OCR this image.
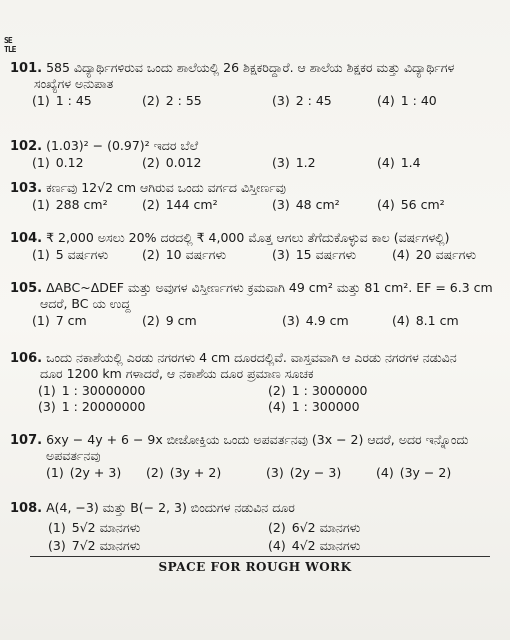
SE
TLE
101. 585 ವಿದ್ಯಾರ್ಥಿಗಳಿರುವ ಒಂದು ಶಾಲೆಯಲ್ಲಿ 26 ಶಿಕ್ಷಕರಿದ್ದಾರೆ. ಆ ಶಾಲೆಯ ಶಿಕ್ಷಕರ ಮತ್ತು ವಿದ್ಯಾರ್ಥಿಗಳ
ಸಂಖ್ಯೆಗಳ ಅನುಪಾತ
(1) 1 : 45	(2) 2 : 55	(3) 2 : 45	(4) 1 : 40
102. (1.03)² − (0.97)² ಇದರ ಬೆಲೆ
(1) 0.12	(2) 0.012	(3) 1.2	(4) 1.4
103. ಕರ್ಣವು 12√2 cm ಆಗಿರುವ ಒಂದು ವರ್ಗದ ವಿಸ್ತೀರ್ಣವು
(1) 288 cm²	(2) 144 cm²	(3) 48 cm²	(4) 56 cm²
104. ₹ 2,000 ಅಸಲು 20% ದರದಲ್ಲಿ ₹ 4,000 ಮೊತ್ತ ಆಗಲು ತೆಗೆದುಕೊಳ್ಳುವ ಕಾಲ (ವರ್ಷಗಳಲ್ಲಿ)
(1) 5 ವರ್ಷಗಳು	(2) 10 ವರ್ಷಗಳು	(3) 15 ವರ್ಷಗಳು	(4) 20 ವರ್ಷಗಳು
105. ΔABC~ΔDEF ಮತ್ತು ಅವುಗಳ ವಿಸ್ತೀರ್ಣಗಳು ಕ್ರಮವಾಗಿ 49 cm² ಮತ್ತು 81 cm². EF = 6.3 cm
ಆದರೆ, BC ಯ ಉದ್ದ
(1) 7 cm	(2) 9 cm	(3) 4.9 cm	(4) 8.1 cm
106. ಒಂದು ನಕಾಶೆಯಲ್ಲಿ ಎರಡು ನಗರಗಳು 4 cm ದೂರದಲ್ಲಿವೆ. ವಾಸ್ತವವಾಗಿ ಆ ಎರಡು ನಗರಗಳ ನಡುವಿನ
ದೂರ 1200 km ಗಳಾದರೆ, ಆ ನಕಾಶೆಯ ದೂರ ಪ್ರಮಾಣ ಸೂಚಕ
(1) 1 : 30000000	(2) 1 : 3000000
(3) 1 : 20000000	(4) 1 : 300000
107. 6xy − 4y + 6 − 9x ಬೀಜೋಕ್ತಿಯ ಒಂದು ಅಪವರ್ತನವು (3x − 2) ಆದರೆ, ಅದರ ಇನ್ನೊಂದು
ಅಪವರ್ತನವು
(1) (2y + 3)	(2) (3y + 2)	(3) (2y − 3)	(4) (3y − 2)
108. A(4, −3) ಮತ್ತು B(− 2, 3) ಬಿಂದುಗಳ ನಡುವಿನ ದೂರ
(1) 5√2 ಮಾನಗಳು	(2) 6√2 ಮಾನಗಳು
(3) 7√2 ಮಾನಗಳು	(4) 4√2 ಮಾನಗಳು
SPACE FOR ROUGH WORK
